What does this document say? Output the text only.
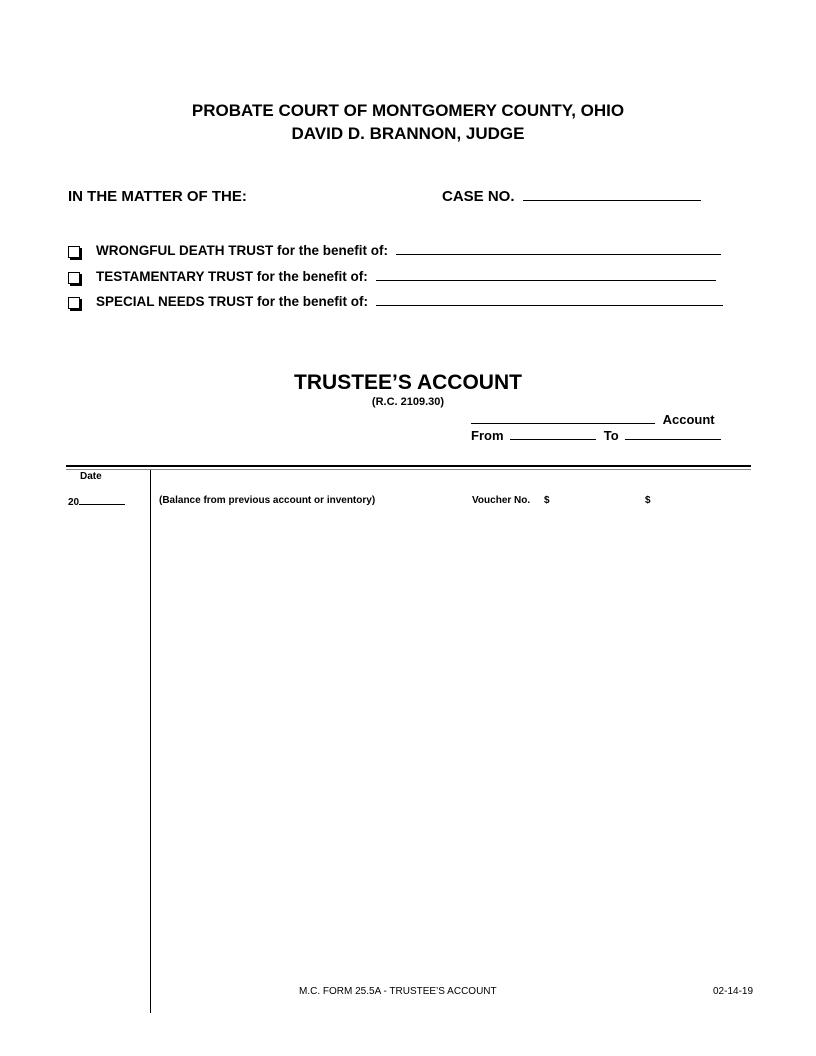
PROBATE COURT OF MONTGOMERY COUNTY, OHIO
DAVID D. BRANNON, JUDGE
IN THE MATTER OF THE:	CASE NO.
WRONGFUL DEATH TRUST for the benefit of:
TESTAMENTARY TRUST for the benefit of:
SPECIAL NEEDS TRUST for the benefit of:
TRUSTEE’S ACCOUNT
(R.C. 2109.30)
Account
From	To
Date
20	(Balance from previous account or inventory)	Voucher No. $	$
M.C. FORM 25.5A - TRUSTEE’S ACCOUNT	02-14-19
